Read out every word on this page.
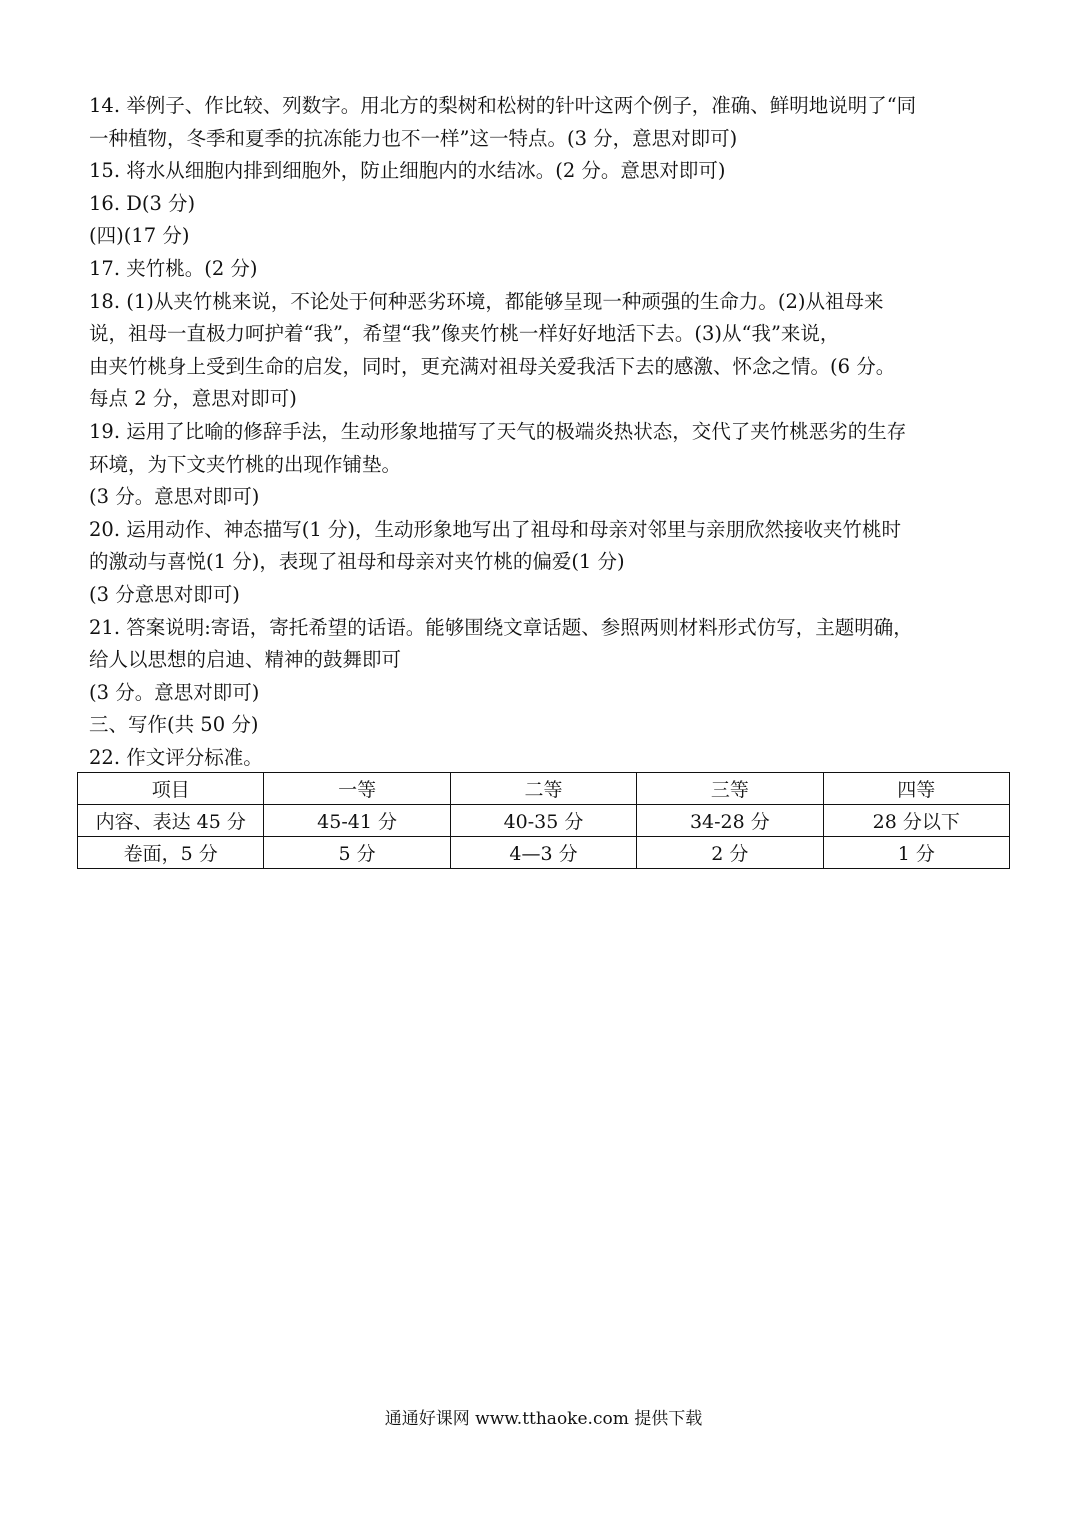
14. 举例子、作比较、列数字。用北方的梨树和松树的针叶这两个例子，准确、鲜明地说明了“同
一种植物，冬季和夏季的抗冻能力也不一样”这一特点。(3 分，意思对即可)
15. 将水从细胞内排到细胞外，防止细胞内的水结冰。(2 分。意思对即可)
16. D(3 分)
(四)(17 分)
17. 夹竹桃。(2 分)
18. (1)从夹竹桃来说，不论处于何种恶劣环境，都能够呈现一种顽强的生命力。(2)从祖母来
说，祖母一直极力呵护着“我”，希望“我”像夹竹桃一样好好地活下去。(3)从“我”来说，
由夹竹桃身上受到生命的启发，同时，更充满对祖母关爱我活下去的感激、怀念之情。(6 分。
每点 2 分，意思对即可)
19. 运用了比喻的修辞手法，生动形象地描写了天气的极端炎热状态，交代了夹竹桃恶劣的生存
环境，为下文夹竹桃的出现作铺垫。
(3 分。意思对即可)
20. 运用动作、神态描写(1 分)，生动形象地写出了祖母和母亲对邻里与亲朋欣然接收夹竹桃时
的激动与喜悦(1 分)，表现了祖母和母亲对夹竹桃的偏爱(1 分)
(3 分意思对即可)
21. 答案说明:寄语，寄托希望的话语。能够围绕文章话题、参照两则材料形式仿写，主题明确，
给人以思想的启迪、精神的鼓舞即可
(3 分。意思对即可)
三、写作(共 50 分)
22. 作文评分标准。
项目	一等	二等	三等	四等
内容、表达 45 分	45-41 分	40-35 分	34-28 分	28 分以下
卷面，5 分	5 分	4—3 分	2 分	1 分
通通好课网 www.tthaoke.com 提供下载
